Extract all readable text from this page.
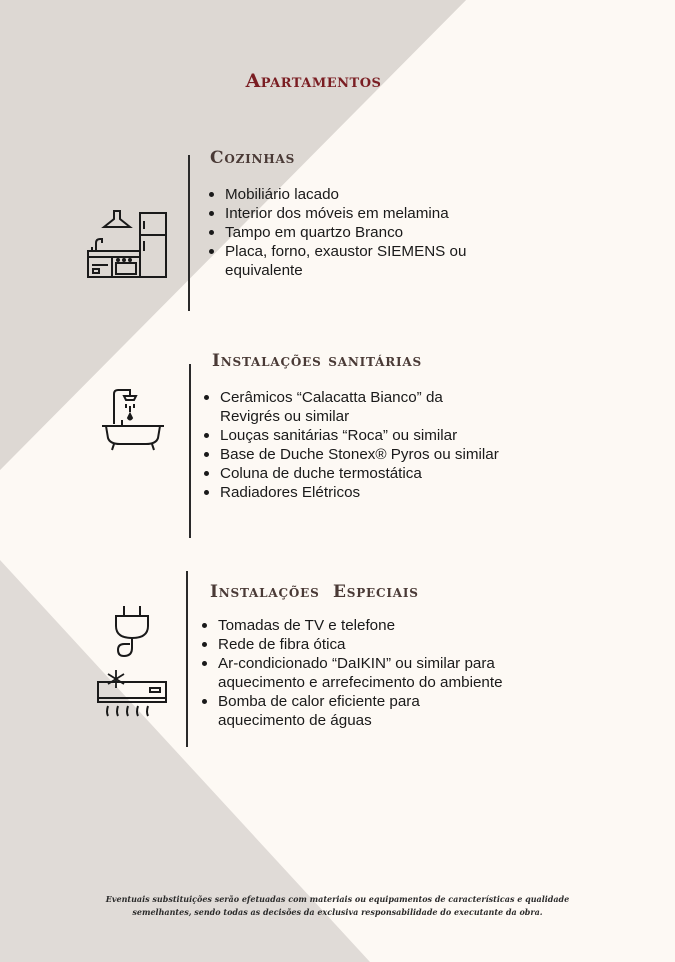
Apartamentos
Cozinhas
Mobiliário lacado
Interior dos móveis em melamina
Tampo em quartzo Branco
Placa, forno, exaustor SIEMENS ou equivalente
Instalações sanitárias
Cerâmicos “Calacatta Bianco” da Revigrés ou similar
Louças sanitárias “Roca” ou similar
Base de Duche Stonex® Pyros ou similar
Coluna de duche termostática
Radiadores Elétricos
Instalações  Especiais
Tomadas de TV e telefone
Rede de fibra ótica
Ar-condicionado “DaIKIN” ou similar para aquecimento e arrefecimento do ambiente
Bomba de calor eficiente para aquecimento de águas

Eventuais substituições serão efetuadas com materiais ou equipamentos de características e qualidade semelhantes, sendo todas as decisões da exclusiva responsabilidade do executante da obra.
